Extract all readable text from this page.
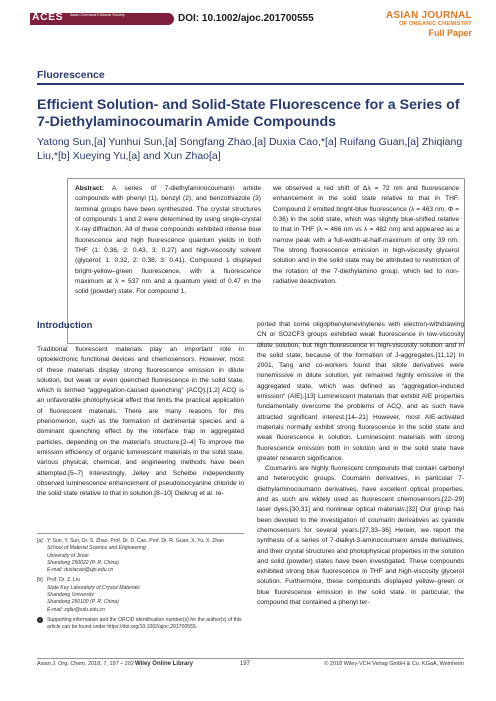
ACES Asian Chemical Editorial Society	DOI: 10.1002/ajoc.201700555	ASIAN JOURNAL
OF ORGANIC CHEMISTRY
Full Paper
Fluorescence
Efficient Solution- and Solid-State Fluorescence for a Series of 7-Diethylaminocoumarin Amide Compounds
Yatong Sun,[a] Yunhui Sun,[a] Songfang Zhao,[a] Duxia Cao,*[a] Ruifang Guan,[a] Zhiqiang Liu,*[b] Xueying Yu,[a] and Xun Zhao[a]
Abstract: A series of 7-diethylaminocoumarin amide compounds with phenyl (1), benzyl (2), and benzothiazole (3) terminal groups have been synthesized. The crystal structures of compounds 1 and 2 were determined by using single-crystal X-ray diffraction. All of these compounds exhibited intense blue fluorescence and high fluorescence quantum yields in both THF (1: 0.36, 2: 0.43, 3: 0.27) and high-viscosity solvent (glycerol; 1: 0.32, 2: 0.38, 3: 0.41). Compound 1 displayed bright-yellow–green fluorescence, with a fluorescence maximum at λ = 537 nm and a quantum yield of 0.47 in the solid (powder) state. For compound 1,
we observed a red shift of Δλ = 72 nm and fluorescence enhancement in the solid state relative to that in THF. Compound 2 emitted bright-blue fluorescence (λ = 463 nm, Φ = 0.36) in the solid state, which was slightly blue-shifted relative to that in THF (λ = 466 nm vs λ = 482 nm) and appeared as a narrow peak with a full-width-at-half-maximum of only 39 nm. The strong fluorescence emission in high-viscosity glycerol solution and in the solid state may be attributed to restriction of the rotation of the 7-diethylamino group, which led to non-radiative deactivation.
Introduction
Traditional fluorescent materials play an important role in optoelectronic functional devices and chemosensors. However, most of these materials display strong fluorescence emission in dilute solution, but weak or even quenched fluorescence in the solid state, which is termed “aggregation-caused quenching” (ACQ).[1,2] ACQ is an unfavorable photophysical effect that limits the practical application of fluorescent materials. There are many reasons for this phenomenon, such as the formation of detrimental species and a dominant quenching effect by the interface trap in aggregated particles, depending on the material’s structure.[2–4] To improve the emission efficiency of organic luminescent materials in the solid state, various physical, chemical, and engineering methods have been attempted.[5–7] Interestingly, Jelley and Scheibe independently observed luminescence enhancement of pseudoisocyanine chloride in the solid state relative to that in solution.[8–10] Oelkrug et al. re-
ported that some oligophenylenevinylenes with electron-withdrawing CN or SO2CF3 groups exhibited weak fluorescence in low-viscosity dilute solution, but high fluorescence in high-viscosity solution and in the solid state, because of the formation of J-aggregates.[11,12] In 2001, Tang and co-workers found that silole derivatives were nonemissive in dilute solution, yet remained highly emissive in the aggregated state, which was defined as “aggregation-induced emission” (AIE).[13] Luminescent materials that exhibit AIE properties fundamentally overcome the problems of ACQ, and as such have attracted significant interest.[14–21] However, most AIE-activated materials normally exhibit strong fluorescence in the solid state and weak fluorescence in solution. Luminescent materials with strong fluorescence emission both in solution and in the solid state have greater research significance.
Coumarins are highly fluorescent compounds that contain carbonyl and heterocyclic groups. Coumarin derivatives, in particular 7-diethylaminocoumarin derivatives, have excellent optical properties, and as such are widely used as fluorescent chemosensors,[22–29] laser dyes,[30,31] and nonlinear optical materials.[32] Our group has been devoted to the investigation of coumarin derivatives as cyanide chemosensors for several years.[27,33–36] Herein, we report the synthesis of a series of 7-dialkyl-3-aminocoumarin amide derivatives, and their crystal structures and photophysical properties in the solution and solid (powder) states have been investigated. These compounds exhibited strong blue fluorescence in THF and high-viscosity glycerol solution. Furthermore, these compounds displayed yellow–green or blue fluorescence emission in the solid state. In particular, the compound that contained a phenyl ter-
[a] Y. Sun, Y. Sun, Dr. S. Zhao, Prof. Dr. D. Cao, Prof. Dr. R. Guan, X. Yu, X. Zhao
School of Material Science and Engineering
University of Jinan
Shandong 250022 (P. R. China)
E-mail: duxiacao@ujn.edu.cn
[b] Prof. Dr. Z. Liu
State Key Laboratory of Crystal Materials
Shandong University
Shandong 250100 (P. R. China)
E-mail: zqliu@sdu.edu.cn
i	Supporting information and the ORCID identification number(s) for the author(s) of this article can be found under https://doi.org/10.1002/ajoc.201700555.
Asian J. Org. Chem. 2018, 7, 197 – 202 Wiley Online Library	197	© 2018 Wiley-VCH Verlag GmbH & Co. KGaA, Weinheim
